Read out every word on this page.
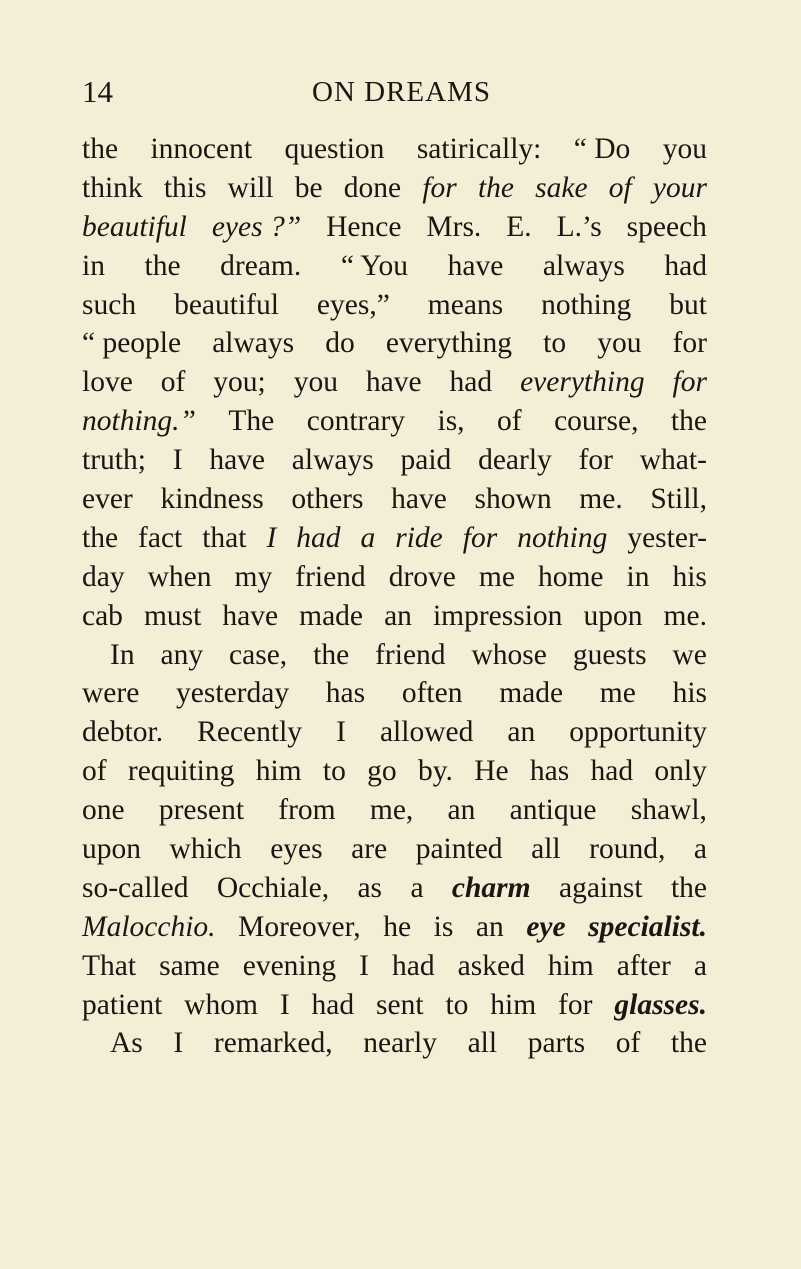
14	ON DREAMS
the innocent question satirically: “ Do you
think this will be done for the sake of your
beautiful eyes ?” Hence Mrs. E. L.’s speech
in the dream. “ You have always had
such beautiful eyes,” means nothing but
“ people always do everything to you for
love of you; you have had everything for
nothing.” The contrary is, of course, the
truth; I have always paid dearly for what-
ever kindness others have shown me. Still,
the fact that I had a ride for nothing yester-
day when my friend drove me home in his
cab must have made an impression upon me.
In any case, the friend whose guests we
were yesterday has often made me his
debtor. Recently I allowed an opportunity
of requiting him to go by. He has had only
one present from me, an antique shawl,
upon which eyes are painted all round, a
so-called Occhiale, as a charm against the
Malocchio. Moreover, he is an eye specialist.
That same evening I had asked him after a
patient whom I had sent to him for glasses.
As I remarked, nearly all parts of the
